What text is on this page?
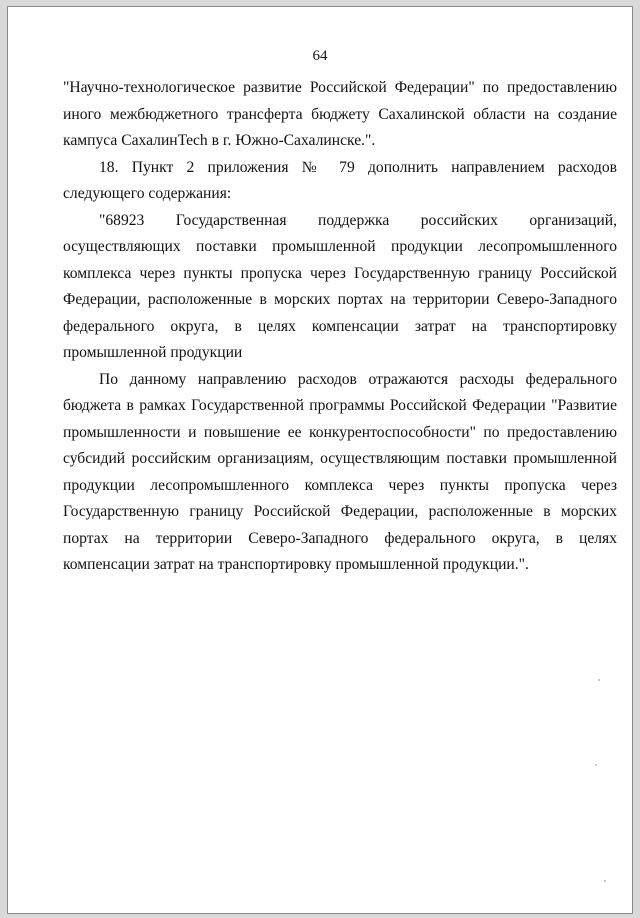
64

"Научно-технологическое развитие Российской Федерации" по предоставлению иного межбюджетного трансферта бюджету Сахалинской области на создание кампуса СахалинTech в г. Южно-Сахалинске.".

18. Пункт 2 приложения № 79 дополнить направлением расходов следующего содержания:

"68923 Государственная поддержка российских организаций, осуществляющих поставки промышленной продукции лесопромышленного комплекса через пункты пропуска через Государственную границу Российской Федерации, расположенные в морских портах на территории Северо-Западного федерального округа, в целях компенсации затрат на транспортировку промышленной продукции

По данному направлению расходов отражаются расходы федерального бюджета в рамках Государственной программы Российской Федерации "Развитие промышленности и повышение ее конкурентоспособности" по предоставлению субсидий российским организациям, осуществляющим поставки промышленной продукции лесопромышленного комплекса через пункты пропуска через Государственную границу Российской Федерации, расположенные в морских портах на территории Северо-Западного федерального округа, в целях компенсации затрат на транспортировку промышленной продукции.".
